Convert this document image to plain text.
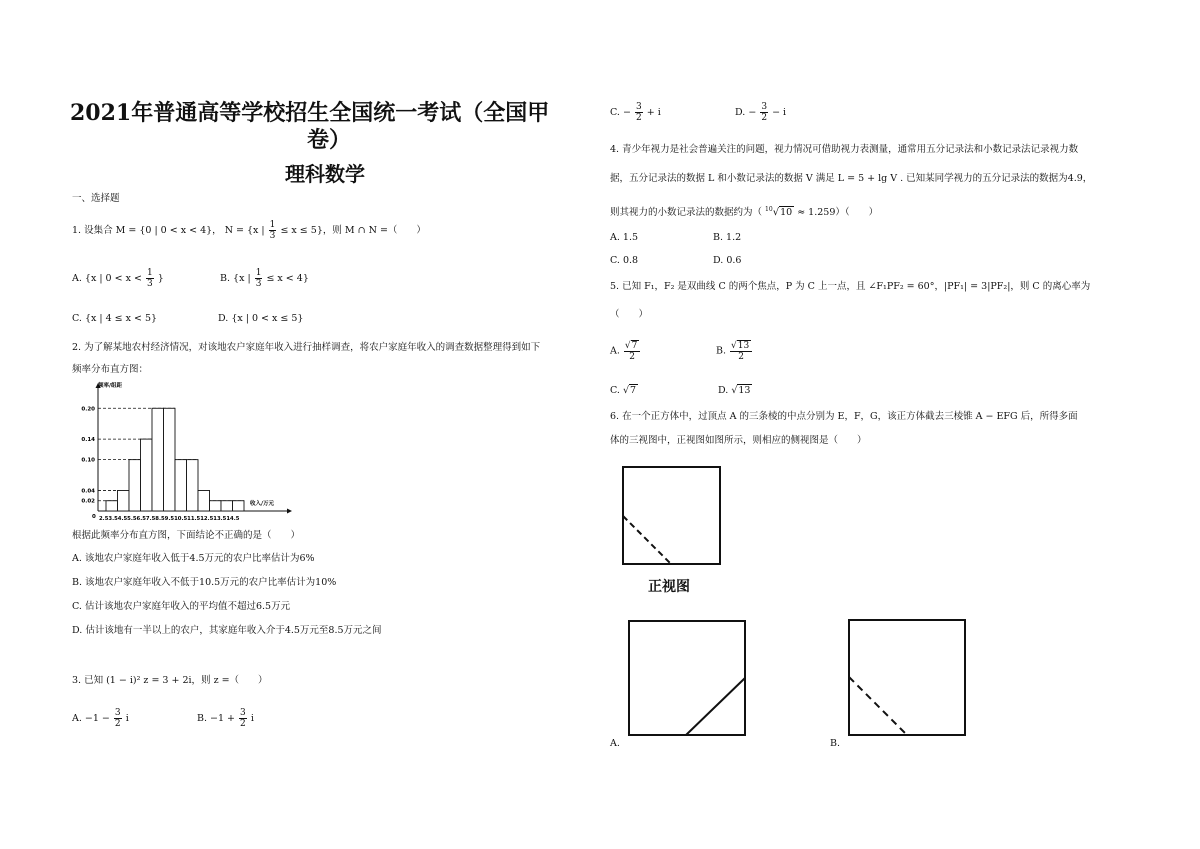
2021年普通高等学校招生全国统一考试（全国甲
卷）
理科数学
一、选择题
1. 设集合 M = {0 | 0 < x < 4}， N = {x | $\frac{1}{3} \le x \le 5$}，则 M ∩ N =（　　）
A. {x | $0 < x < \frac{1}{3}$ }	B. {x | $\frac{1}{3} \le x < 4$}
C. {x | 4 ≤ x < 5}	D. {x | 0 < x ≤ 5}
2. 为了解某地农村经济情况，对该地农户家庭年收入进行抽样调查，将农户家庭年收入的调查数据整理得到如下
频率分布直方图：
0.20
0.14
0.10
0.04
0.02
0
频率/组距
收入/万元
2.53.54.55.56.57.58.59.510.511.512.513.514.5
根据此频率分布直方图，下面结论不正确的是（　　）
A. 该地农户家庭年收入低于4.5万元的农户比率估计为6%
B. 该地农户家庭年收入不低于10.5万元的农户比率估计为10%
C. 估计该地农户家庭年收入的平均值不超过6.5万元
D. 估计该地有一半以上的农户，其家庭年收入介于4.5万元至8.5万元之间
3. 已知 (1 − i)² z = 3 + 2i，则 z =（　　）
A. $-1 - \frac{3}{2}$ i	B. $-1 + \frac{3}{2}$ i
C. − $\frac{3}{2} + i$	D. − $\frac{3}{2} - i$
4. 青少年视力是社会普遍关注的问题，视力情况可借助视力表测量，通常用五分记录法和小数记录法记录视力数
据，五分记录法的数据 L 和小数记录法的数据 V 满足 L = 5 + lg V . 已知某同学视力的五分记录法的数据为4.9，
则其视力的小数记录法的数据约为（ $^{10}$√10 ≈ 1.259）（　　）
A. 1.5	B. 1.2
C. 0.8	D. 0.6
5. 已知 F₁，F₂ 是双曲线 C 的两个焦点，P 为 C 上一点，且 ∠F₁PF₂ = 60°，|PF₁| = 3|PF₂|，则 C 的离心率为
（　　）
A. $\frac{√7}{2}$	B. $\frac{√13}{2}$
C. √7	D. √13
6. 在一个正方体中，过顶点 A 的三条棱的中点分别为 E，F，G，该正方体截去三棱锥 A − EFG 后，所得多面
体的三视图中，正视图如图所示，则相应的侧视图是（　　）
正视图
A.	B.
